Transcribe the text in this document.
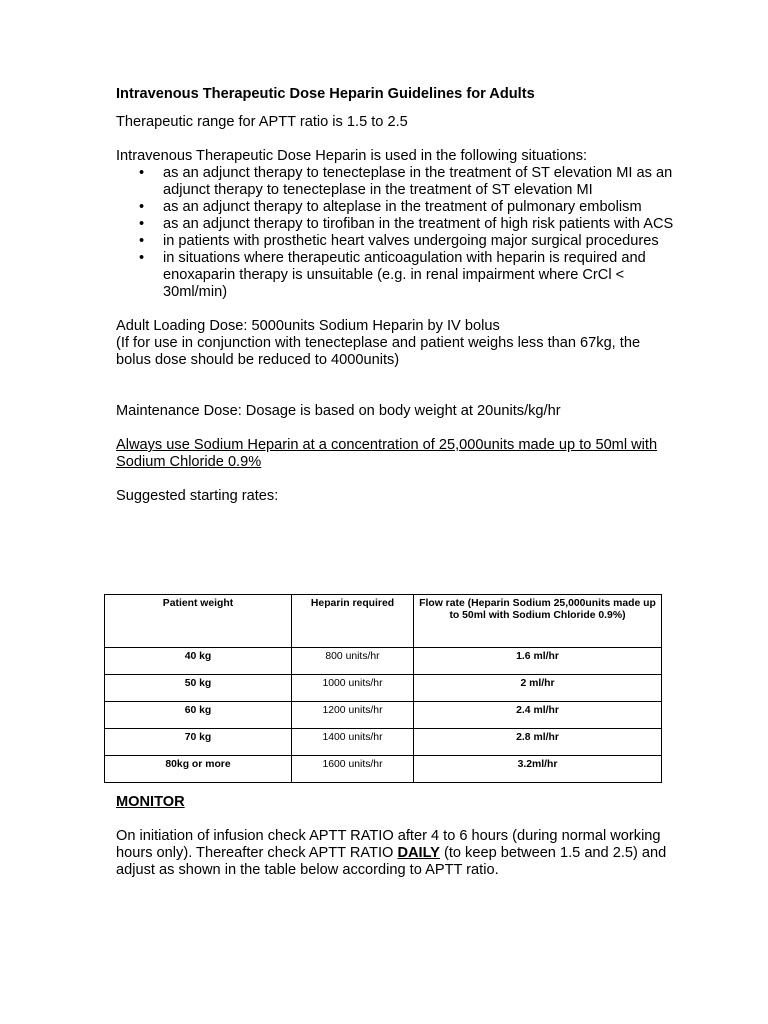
Intravenous Therapeutic Dose Heparin Guidelines for Adults

Therapeutic range for APTT ratio is 1.5 to 2.5

Intravenous Therapeutic Dose Heparin is used in the following situations:

• as an adjunct therapy to tenecteplase in the treatment of ST elevation MI as an adjunct therapy to tenecteplase in the treatment of ST elevation MI
• as an adjunct therapy to alteplase in the treatment of pulmonary embolism
• as an adjunct therapy to tirofiban in the treatment of high risk patients with ACS
• in patients with prosthetic heart valves undergoing major surgical procedures
• in situations where therapeutic anticoagulation with heparin is required and enoxaparin therapy is unsuitable (e.g. in renal impairment where CrCl < 30ml/min)

Adult Loading Dose: 5000units Sodium Heparin by IV bolus

(If for use in conjunction with tenecteplase and patient weighs less than 67kg, the bolus dose should be reduced to 4000units)

Maintenance Dose: Dosage is based on body weight at 20units/kg/hr

Always use Sodium Heparin at a concentration of 25,000units made up to 50ml with Sodium Chloride 0.9%

Suggested starting rates:

Patient weight	Heparin required	Flow rate (Heparin Sodium 25,000units made up to 50ml with Sodium Chloride 0.9%)
40 kg	800 units/hr	1.6 ml/hr
50 kg	1000 units/hr	2 ml/hr
60 kg	1200 units/hr	2.4 ml/hr
70 kg	1400 units/hr	2.8 ml/hr
80kg or more	1600 units/hr	3.2ml/hr

MONITOR

On initiation of infusion check APTT RATIO after 4 to 6 hours (during normal working hours only). Thereafter check APTT RATIO DAILY (to keep between 1.5 and 2.5) and adjust as shown in the table below according to APTT ratio.
